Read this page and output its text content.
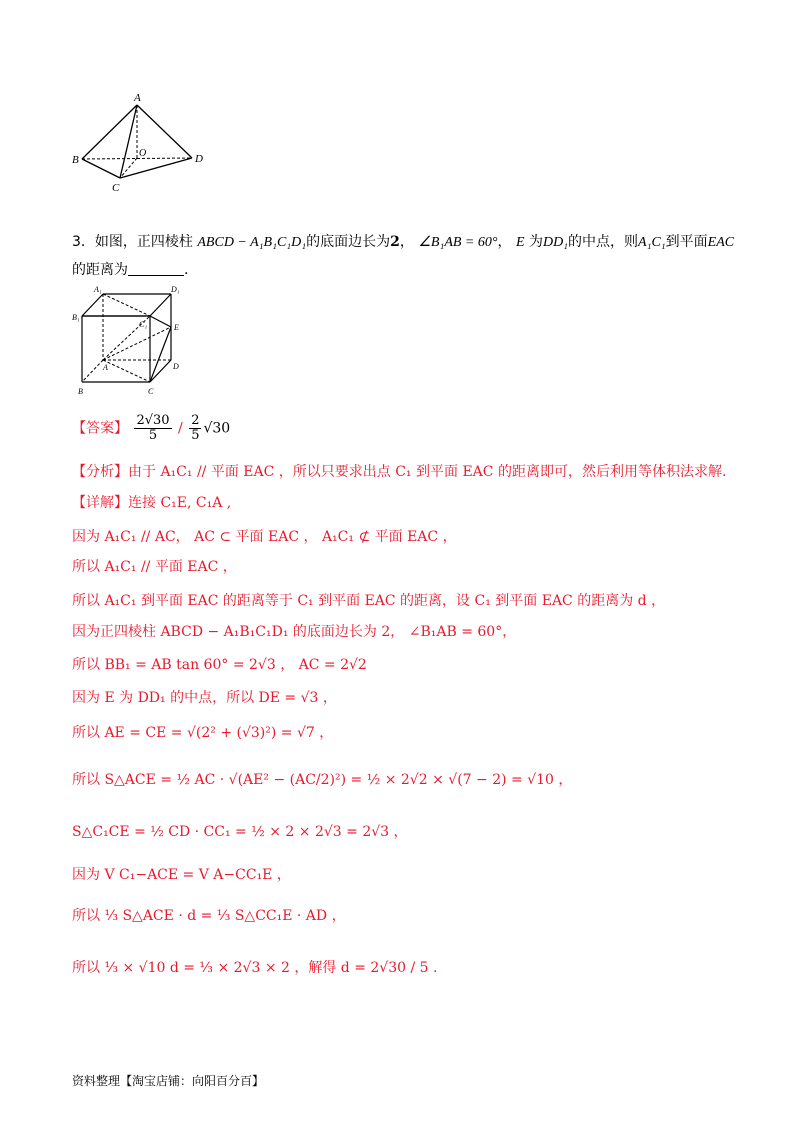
A
B
C
D
O
3．如图，正四棱柱 ABCD − A₁B₁C₁D₁的底面边长为2， ∠B₁AB = 60°， E 为DD₁的中点，则A₁C₁到平面EAC
的距离为	.
A₁	D₁
B₁
C₁	E
A	D
B	C
【答案】 $\frac{2√30}{5} / \frac{2}{5} √30$
【分析】由于 A₁C₁ // 平面 EAC ，所以只要求出点 C₁ 到平面 EAC 的距离即可，然后利用等体积法求解.
【详解】连接 C₁E, C₁A ,
因为 A₁C₁ // AC， AC ⊂ 平面 EAC ， A₁C₁ ⊄ 平面 EAC ，
所以 A₁C₁ // 平面 EAC ，
所以 A₁C₁ 到平面 EAC 的距离等于 C₁ 到平面 EAC 的距离，设 C₁ 到平面 EAC 的距离为 d ，
因为正四棱柱 ABCD − A₁B₁C₁D₁ 的底面边长为 2， ∠B₁AB = 60°，
所以 BB₁ = AB tan 60° = 2√3 ， AC = 2√2
因为 E 为 DD₁ 的中点，所以 DE = √3 ，
所以 AE = CE = √(2² + (√3)²) = √7 ，
所以 S△ACE = ½ AC · √(AE² − (AC/2)²) = ½ × 2√2 × √(7 − 2) = √10 ，
S△C₁CE = ½ CD · CC₁ = ½ × 2 × 2√3 = 2√3 ，
因为 V C₁−ACE = V A−CC₁E ，
所以 ⅓ S△ACE · d = ⅓ S△CC₁E · AD ，
所以 ⅓ × √10 d = ⅓ × 2√3 × 2 ，解得 d = 2√30 / 5 .
资料整理【淘宝店铺：向阳百分百】
